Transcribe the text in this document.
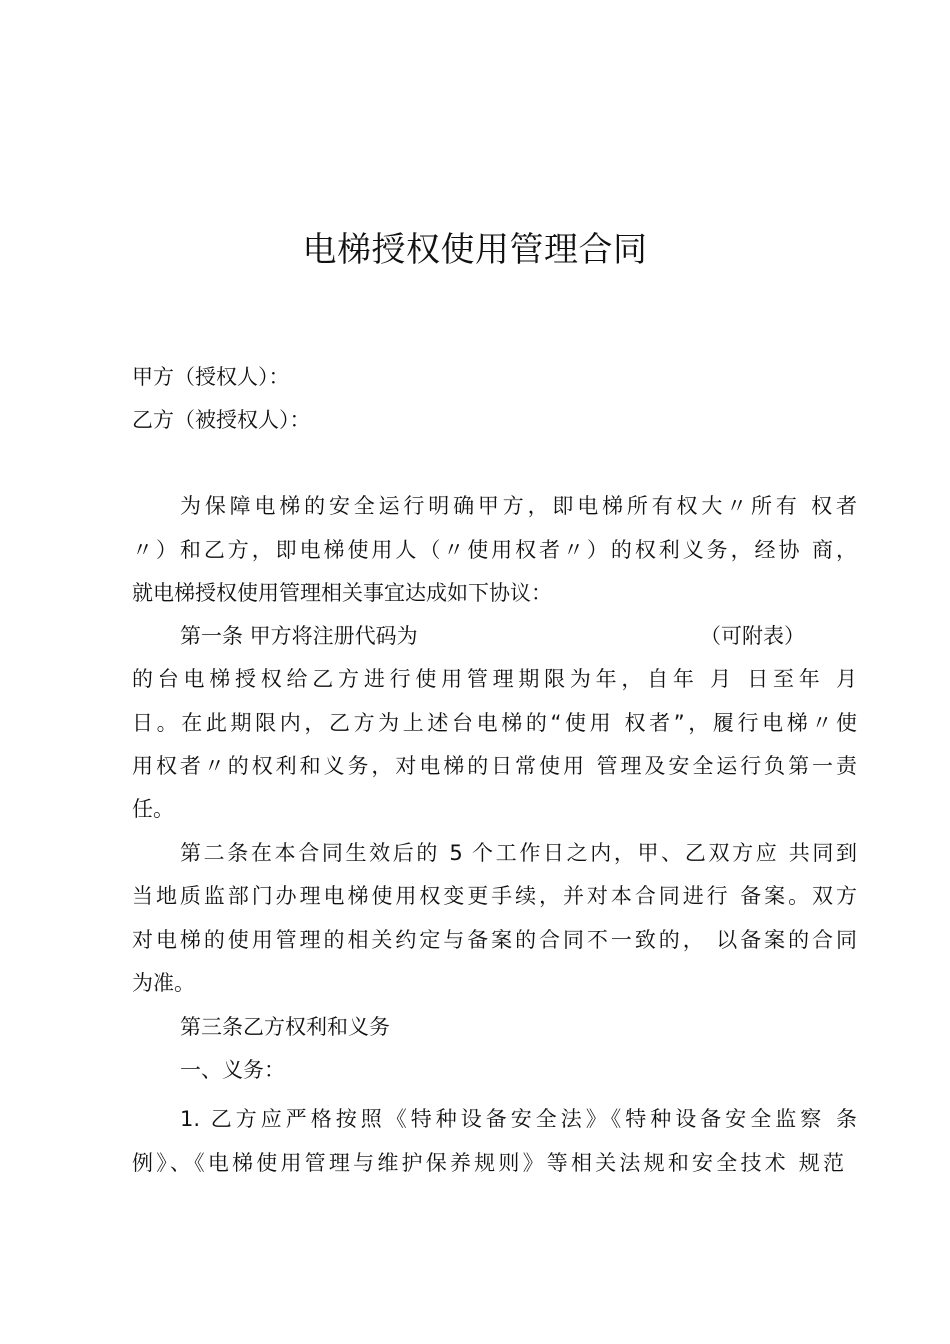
电梯授权使用管理合同

甲方（授权人）：

乙方（被授权人）：

为保障电梯的安全运行明确甲方，即电梯所有权大〃所有 权者

〃）和乙方，即电梯使用人（〃使用权者〃）的权利义务，经协 商，

就电梯授权使用管理相关事宜达成如下协议：

第一条 甲方将注册代码为	（可附表）

的台电梯授权给乙方进行使用管理期限为年，自年 月 日至年 月

日。在此期限内，乙方为上述台电梯的“使用 权者”，履行电梯〃使

用权者〃的权利和义务，对电梯的日常使用 管理及安全运行负第一责

任。

第二条在本合同生效后的 5 个工作日之内，甲、乙双方应 共同到

当地质监部门办理电梯使用权变更手续，并对本合同进行 备案。双方

对电梯的使用管理的相关约定与备案的合同不一致的， 以备案的合同

为准。

第三条乙方权利和义务

一、义务：

1. 乙方应严格按照《特种设备安全法》《特种设备安全监察 条

例》、《电梯使用管理与维护保养规则》等相关法规和安全技术 规范
